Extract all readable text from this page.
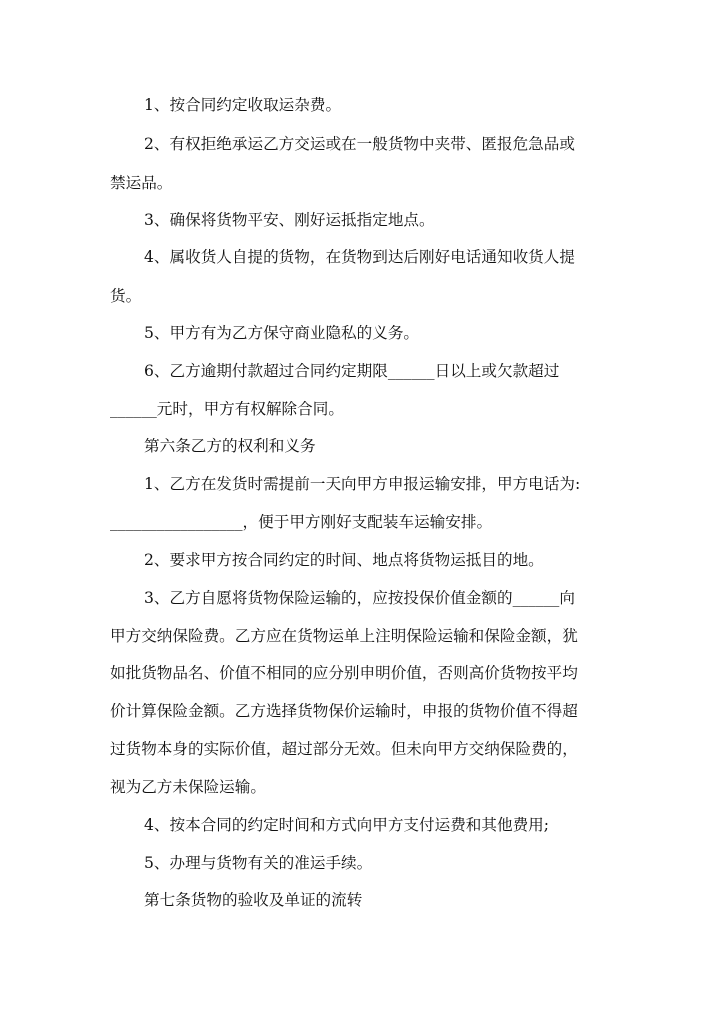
1、按合同约定收取运杂费。

2、有权拒绝承运乙方交运或在一般货物中夹带、匿报危急品或

禁运品。

3、确保将货物平安、刚好运抵指定地点。

4、属收货人自提的货物，在货物到达后刚好电话通知收货人提

货。

5、甲方有为乙方保守商业隐私的义务。

6、乙方逾期付款超过合同约定期限______日以上或欠款超过

______元时，甲方有权解除合同。

第六条乙方的权利和义务

1、乙方在发货时需提前一天向甲方申报运输安排，甲方电话为:

_________________，便于甲方刚好支配装车运输安排。

2、要求甲方按合同约定的时间、地点将货物运抵目的地。

3、乙方自愿将货物保险运输的，应按投保价值金额的______向

甲方交纳保险费。乙方应在货物运单上注明保险运输和保险金额，犹

如批货物品名、价值不相同的应分别申明价值，否则高价货物按平均

价计算保险金额。乙方选择货物保价运输时，申报的货物价值不得超

过货物本身的实际价值，超过部分无效。但未向甲方交纳保险费的，

视为乙方未保险运输。

4、按本合同的约定时间和方式向甲方支付运费和其他费用;

5、办理与货物有关的准运手续。

第七条货物的验收及单证的流转
